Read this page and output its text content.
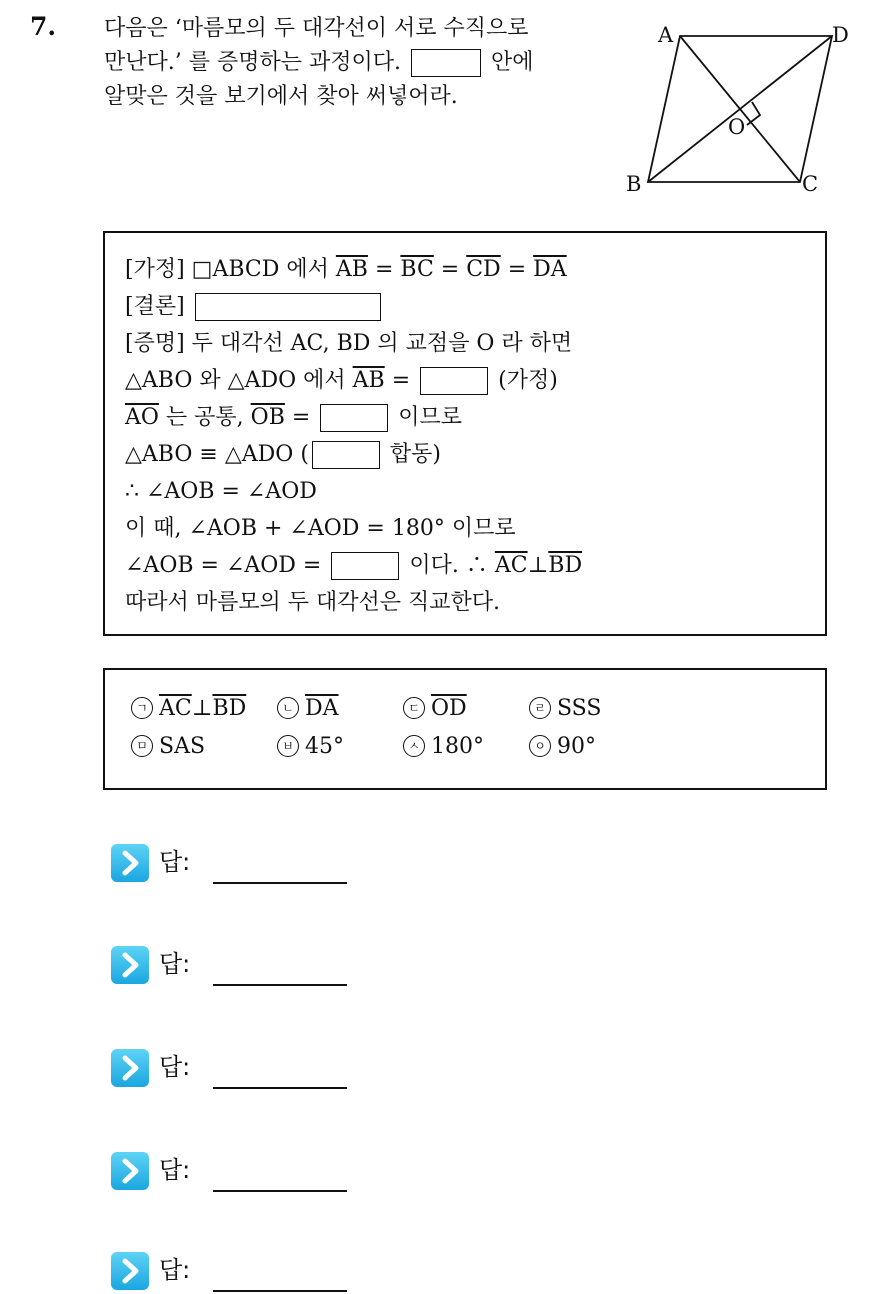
7. 다음은 ‘마름모의 두 대각선이 서로 수직으로
만난다.’ 를 증명하는 과정이다.	안에
알맞은 것을 보기에서 찾아 써넣어라.
A	D
B	C
O
[가정] □ABCD 에서 $\overline{AB} = \overline{BC} = \overline{CD} = \overline{DA}$
[결론]
[증명] 두 대각선 AC, BD 의 교점을 O 라 하면
△ABO 와 △ADO 에서 $\overline{AB}$ =	(가정)
$\overline{AO}$ 는 공통, $\overline{OB}$ =	이므로
△ABO ≡ △ADO (	합동)
∴ ∠AOB = ∠AOD
이 때, ∠AOB + ∠AOD = 180° 이므로
∠AOB = ∠AOD =	이다. ∴ $\overline{AC}\perp\overline{BD}$
따라서 마름모의 두 대각선은 직교한다.
ㄱ $\overline{AC}\perp\overline{BD}$	ㄴ $\overline{DA}$	ㄷ $\overline{OD}$	ㄹ SSS
ㅁ SAS	ㅂ 45°	ㅅ 180°	ㅇ 90°
답:
답:
답:
답:
답:
